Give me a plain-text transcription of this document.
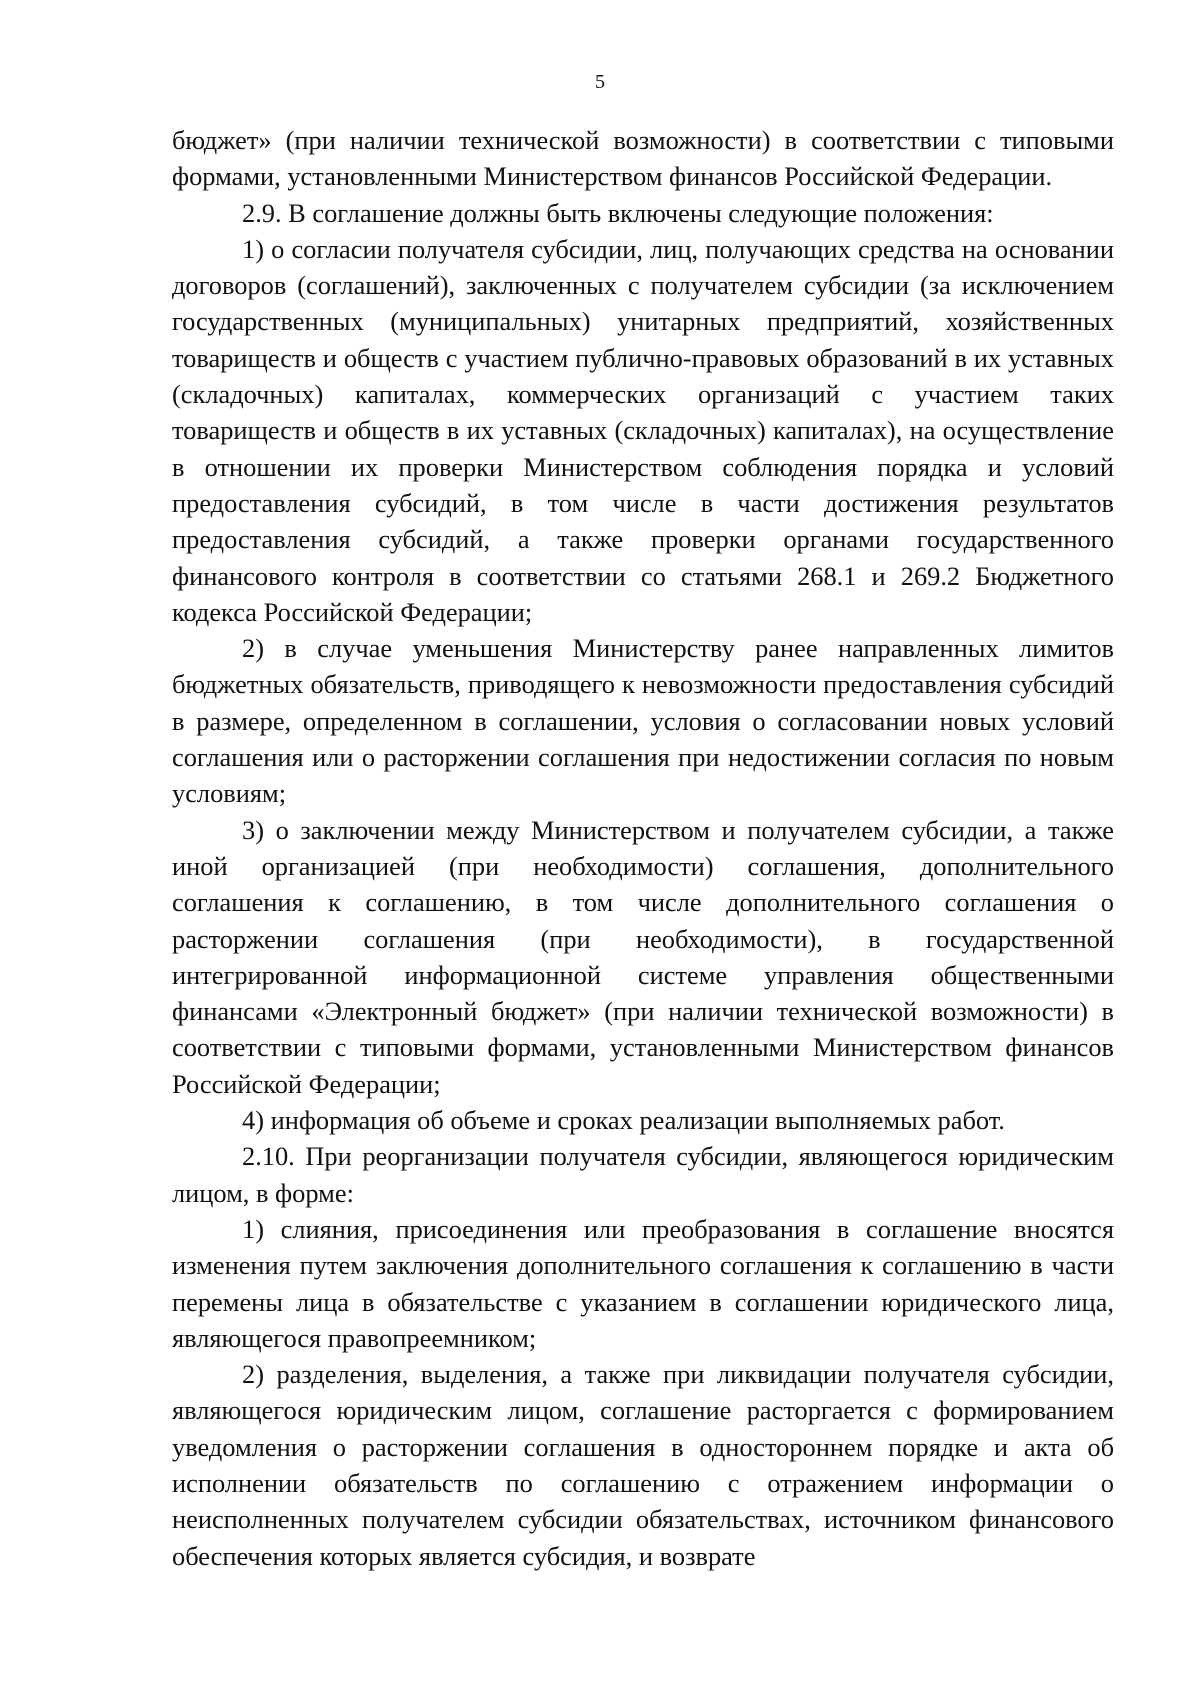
5

бюджет» (при наличии технической возможности) в соответствии с типовыми формами, установленными Министерством финансов Российской Федерации.

2.9. В соглашение должны быть включены следующие положения:

1) о согласии получателя субсидии, лиц, получающих средства на основании договоров (соглашений), заключенных с получателем субсидии (за исключением государственных (муниципальных) унитарных предприятий, хозяйственных товариществ и обществ с участием публично-правовых образований в их уставных (складочных) капиталах, коммерческих организаций с участием таких товариществ и обществ в их уставных (складочных) капиталах), на осуществление в отношении их проверки Министерством соблюдения порядка и условий предоставления субсидий, в том числе в части достижения результатов предоставления субсидий, а также проверки органами государственного финансового контроля в соответствии со статьями 268.1 и 269.2 Бюджетного кодекса Российской Федерации;

2) в случае уменьшения Министерству ранее направленных лимитов бюджетных обязательств, приводящего к невозможности предоставления субсидий в размере, определенном в соглашении, условия о согласовании новых условий соглашения или о расторжении соглашения при недостижении согласия по новым условиям;

3) о заключении между Министерством и получателем субсидии, а также иной организацией (при необходимости) соглашения, дополнительного соглашения к соглашению, в том числе дополнительного соглашения о расторжении соглашения (при необходимости), в государственной интегрированной информационной системе управления общественными финансами «Электронный бюджет» (при наличии технической возможности) в соответствии с типовыми формами, установленными Министерством финансов Российской Федерации;

4) информация об объеме и сроках реализации выполняемых работ.

2.10. При реорганизации получателя субсидии, являющегося юридическим лицом, в форме:

1) слияния, присоединения или преобразования в соглашение вносятся изменения путем заключения дополнительного соглашения к соглашению в части перемены лица в обязательстве с указанием в соглашении юридического лица, являющегося правопреемником;

2) разделения, выделения, а также при ликвидации получателя субсидии, являющегося юридическим лицом, соглашение расторгается с формированием уведомления о расторжении соглашения в одностороннем порядке и акта об исполнении обязательств по соглашению с отражением информации о неисполненных получателем субсидии обязательствах, источником финансового обеспечения которых является субсидия, и возврате
